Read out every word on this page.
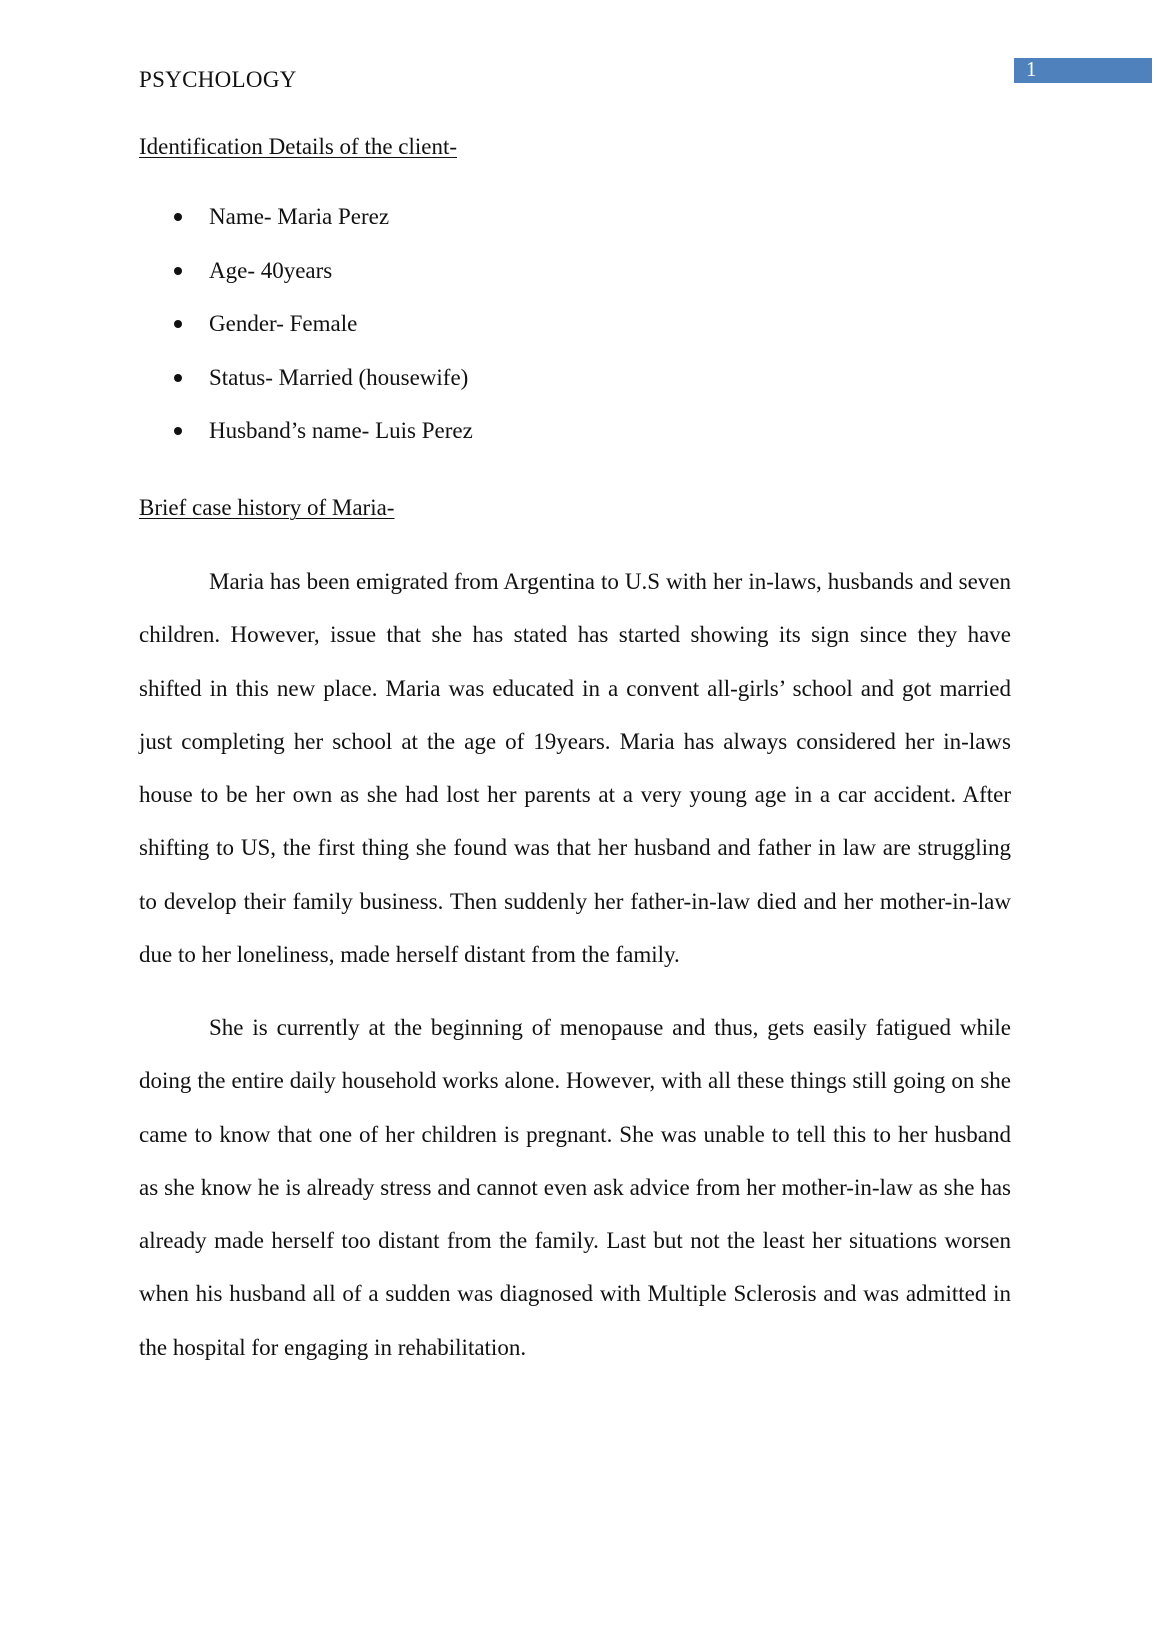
PSYCHOLOGY	1
Identification Details of the client-
Name- Maria Perez
Age- 40years
Gender- Female
Status- Married (housewife)
Husband’s name- Luis Perez
Brief case history of Maria-

Maria has been emigrated from Argentina to U.S with her in-laws, husbands and seven children. However, issue that she has stated has started showing its sign since they have shifted in this new place. Maria was educated in a convent all-girls’ school and got married just completing her school at the age of 19years. Maria has always considered her in-laws house to be her own as she had lost her parents at a very young age in a car accident. After shifting to US, the first thing she found was that her husband and father in law are struggling to develop their family business. Then suddenly her father-in-law died and her mother-in-law due to her loneliness, made herself distant from the family.

She is currently at the beginning of menopause and thus, gets easily fatigued while doing the entire daily household works alone. However, with all these things still going on she came to know that one of her children is pregnant. She was unable to tell this to her husband as she know he is already stress and cannot even ask advice from her mother-in-law as she has already made herself too distant from the family. Last but not the least her situations worsen when his husband all of a sudden was diagnosed with Multiple Sclerosis and was admitted in the hospital for engaging in rehabilitation.
